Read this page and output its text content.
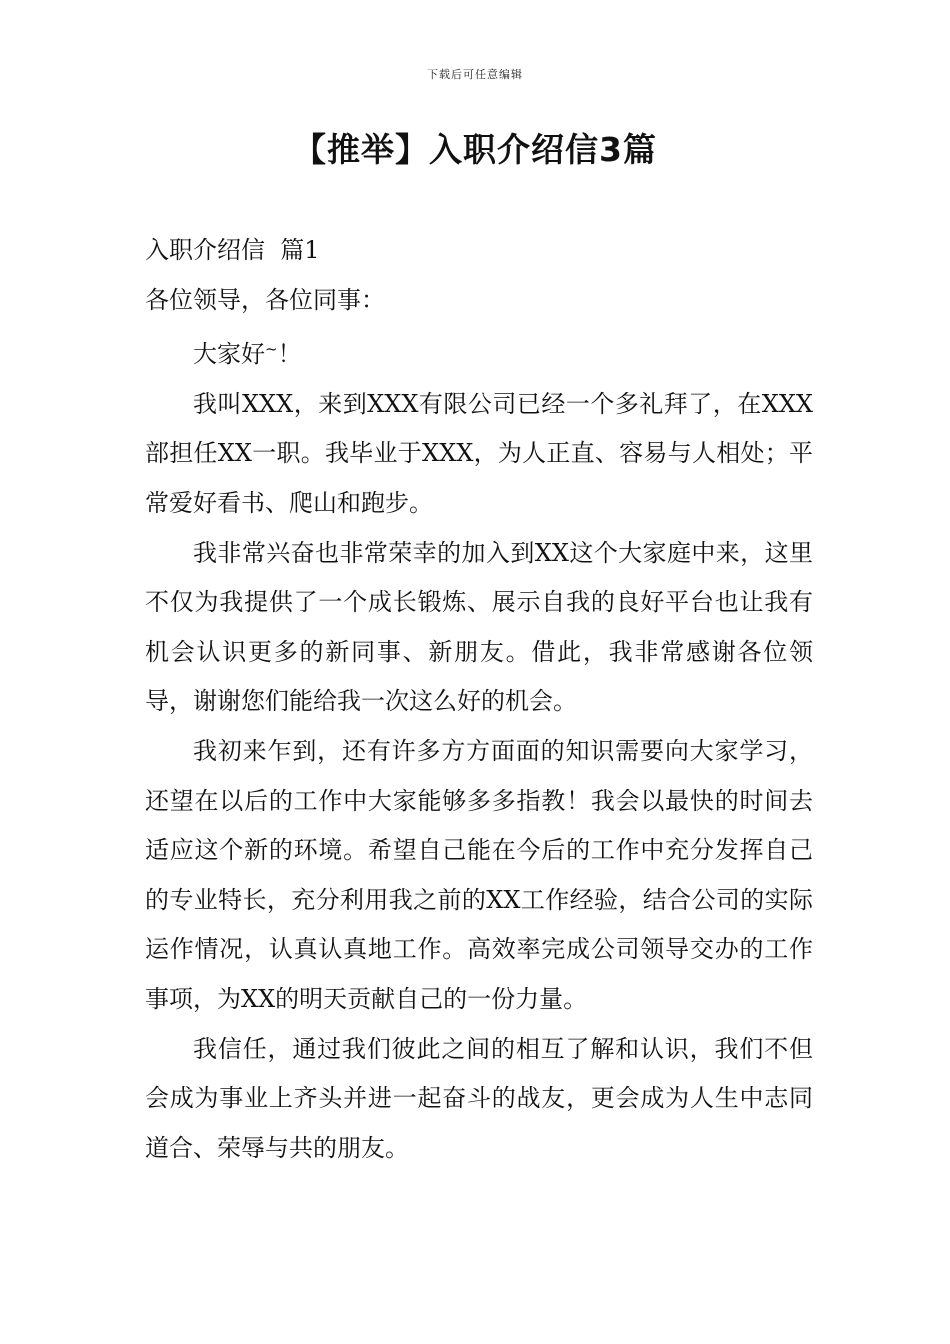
下载后可任意编辑
【推举】入职介绍信3篇

入职介绍信  篇1

各位领导，各位同事：

大家好~！

我叫XXX，来到XXX有限公司已经一个多礼拜了，在XXX部担任XX一职。我毕业于XXX，为人正直、容易与人相处；平常爱好看书、爬山和跑步。

我非常兴奋也非常荣幸的加入到XX这个大家庭中来，这里不仅为我提供了一个成长锻炼、展示自我的良好平台也让我有机会认识更多的新同事、新朋友。借此，我非常感谢各位领导，谢谢您们能给我一次这么好的机会。

我初来乍到，还有许多方方面面的知识需要向大家学习，还望在以后的工作中大家能够多多指教！我会以最快的时间去适应这个新的环境。希望自己能在今后的工作中充分发挥自己的专业特长，充分利用我之前的XX工作经验，结合公司的实际运作情况，认真认真地工作。高效率完成公司领导交办的工作事项，为XX的明天贡献自己的一份力量。

我信任，通过我们彼此之间的相互了解和认识，我们不但会成为事业上齐头并进一起奋斗的战友，更会成为人生中志同道合、荣辱与共的朋友。
